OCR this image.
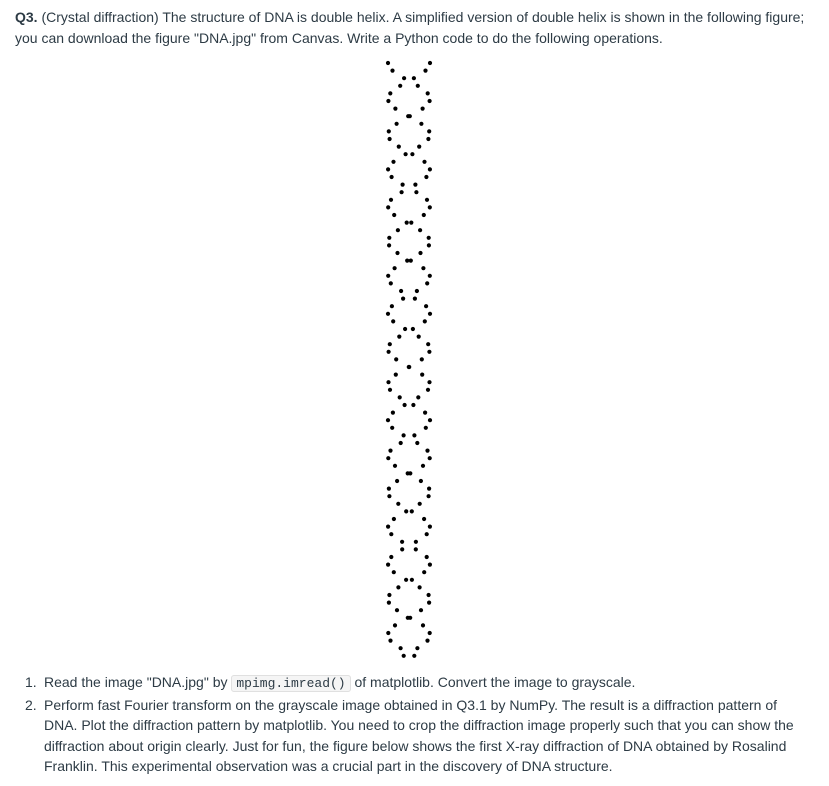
Q3. (Crystal diffraction) The structure of DNA is double helix. A simplified version of double helix is shown in the following figure; you can download the figure "DNA.jpg" from Canvas. Write a Python code to do the following operations.

1. Read the image "DNA.jpg" by mpimg.imread() of matplotlib. Convert the image to grayscale.
2. Perform fast Fourier transform on the grayscale image obtained in Q3.1 by NumPy. The result is a diffraction pattern of DNA. Plot the diffraction pattern by matplotlib. You need to crop the diffraction image properly such that you can show the diffraction about origin clearly. Just for fun, the figure below shows the first X-ray diffraction of DNA obtained by Rosalind Franklin. This experimental observation was a crucial part in the discovery of DNA structure.
